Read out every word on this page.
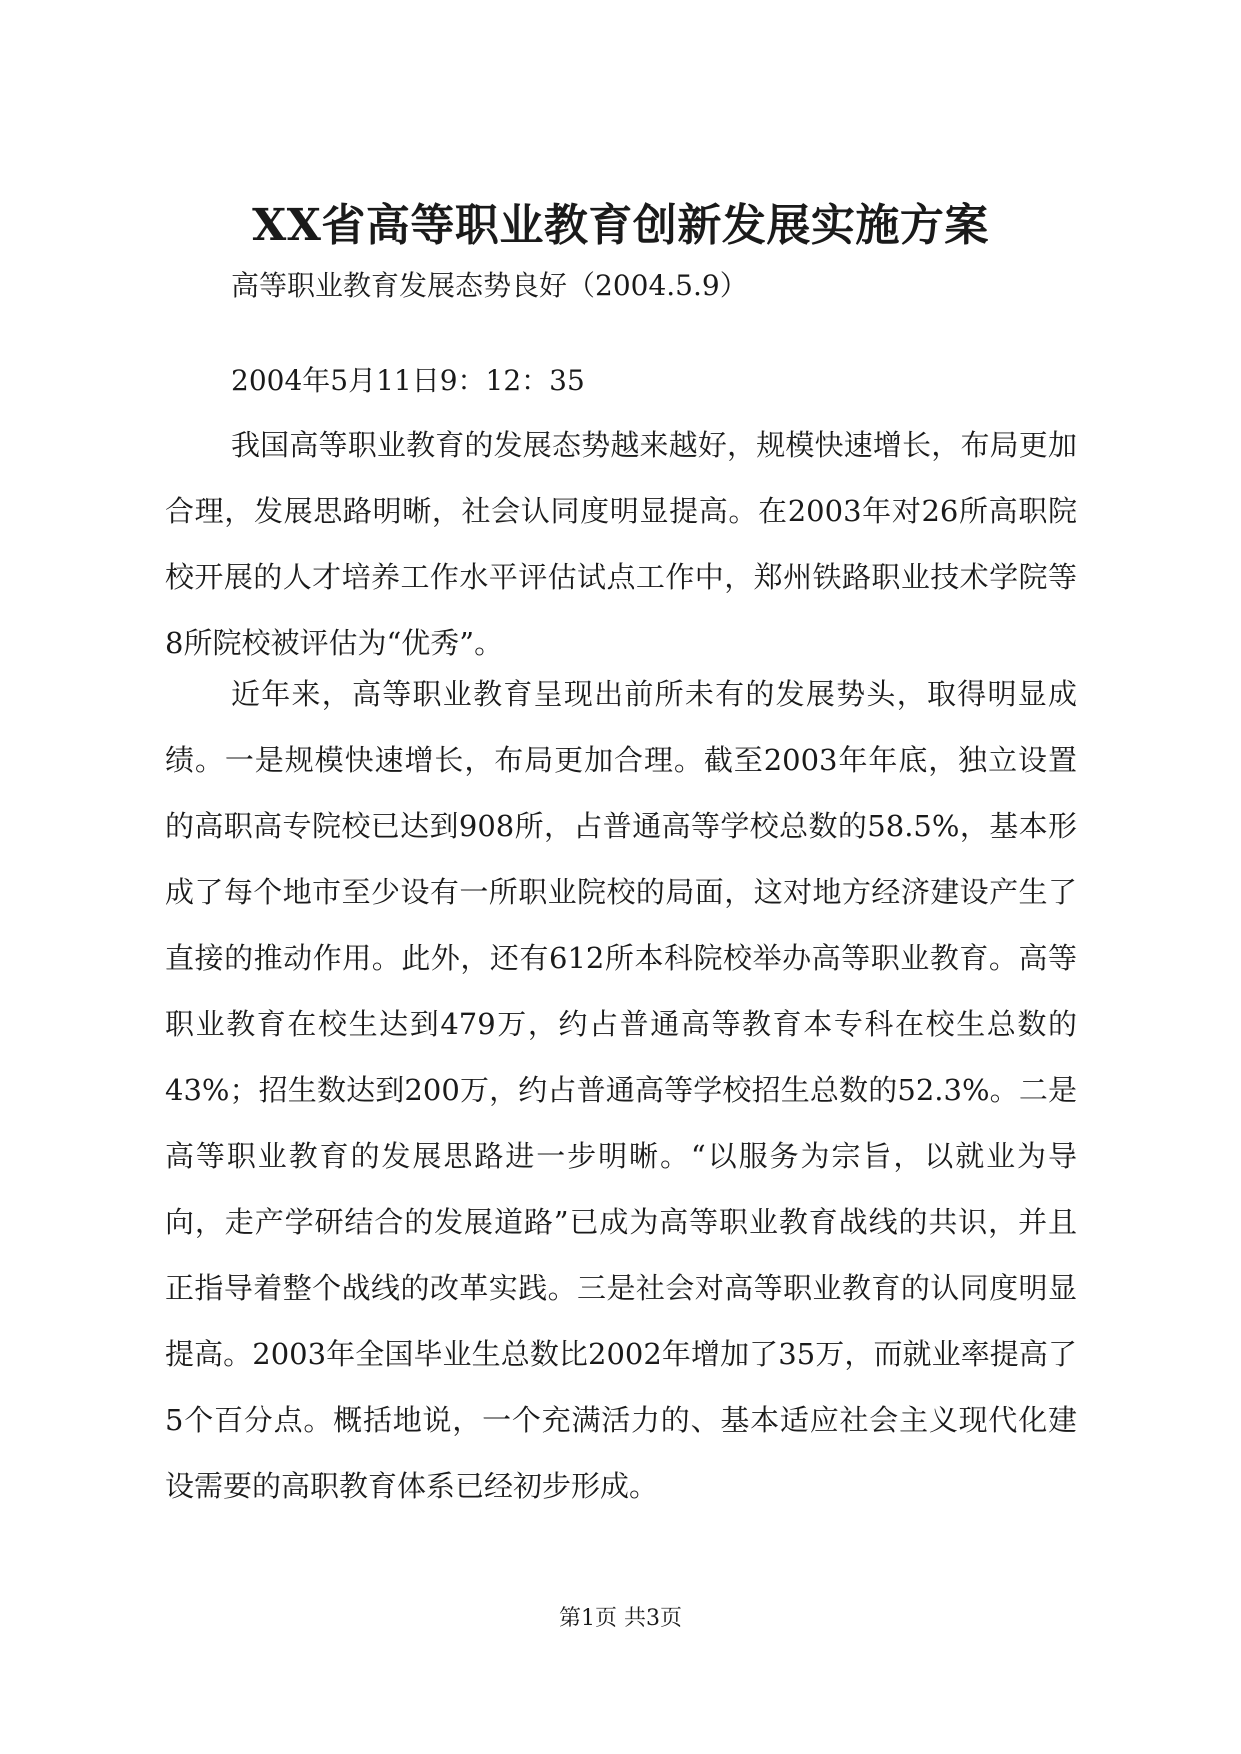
XX省高等职业教育创新发展实施方案

高等职业教育发展态势良好（2004.5.9）

2004年5月11日9：12：35

我国高等职业教育的发展态势越来越好，规模快速增长，布局更加合理，发展思路明晰，社会认同度明显提高。在2003年对26所高职院校开展的人才培养工作水平评估试点工作中，郑州铁路职业技术学院等8所院校被评估为“优秀”。

近年来，高等职业教育呈现出前所未有的发展势头，取得明显成绩。一是规模快速增长，布局更加合理。截至2003年年底，独立设置的高职高专院校已达到908所，占普通高等学校总数的58.5%，基本形成了每个地市至少设有一所职业院校的局面，这对地方经济建设产生了直接的推动作用。此外，还有612所本科院校举办高等职业教育。高等职业教育在校生达到479万，约占普通高等教育本专科在校生总数的43%；招生数达到200万，约占普通高等学校招生总数的52.3%。二是高等职业教育的发展思路进一步明晰。“以服务为宗旨，以就业为导向，走产学研结合的发展道路”已成为高等职业教育战线的共识，并且正指导着整个战线的改革实践。三是社会对高等职业教育的认同度明显提高。2003年全国毕业生总数比2002年增加了35万，而就业率提高了5个百分点。概括地说，一个充满活力的、基本适应社会主义现代化建设需要的高职教育体系已经初步形成。

第1页 共3页
